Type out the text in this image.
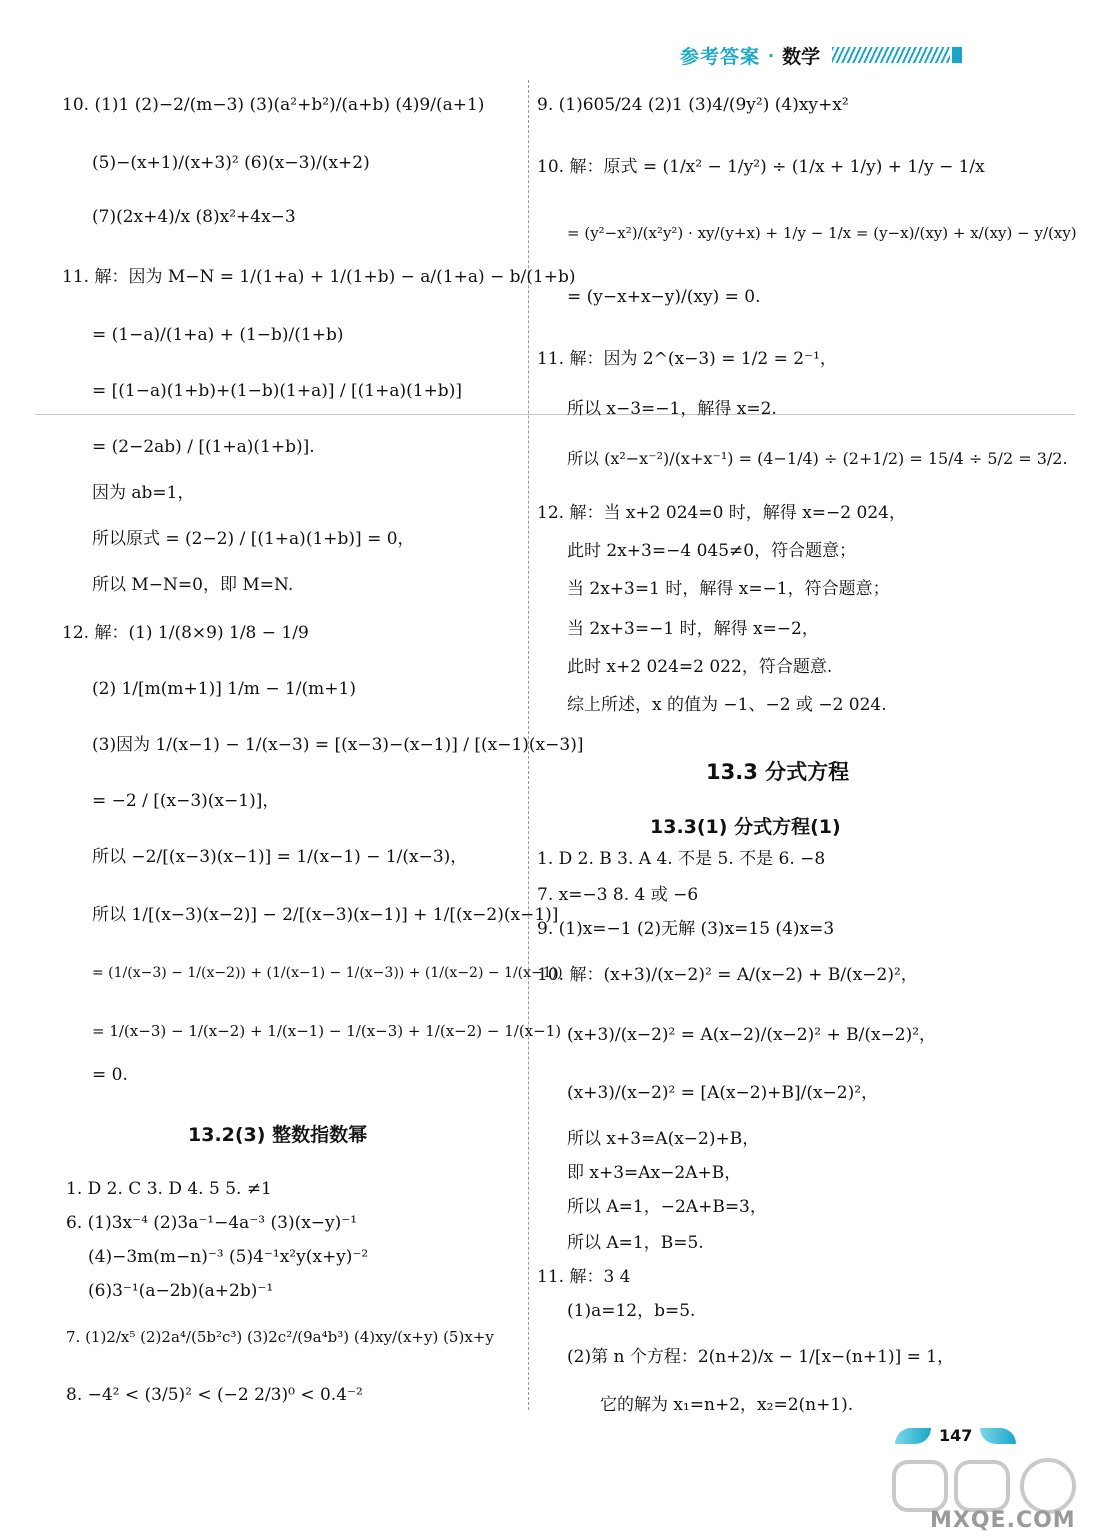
参考答案 · 数学
10. (1)1 (2)−2/(m−3) (3)(a²+b²)/(a+b) (4)9/(a+1)
(5)−(x+1)/(x+3)² (6)(x−3)/(x+2)
(7)(2x+4)/x (8)x²+4x−3
11. 解：因为 M−N = 1/(1+a) + 1/(1+b) − a/(1+a) − b/(1+b)
= (1−a)/(1+a) + (1−b)/(1+b)
= [(1−a)(1+b)+(1−b)(1+a)] / [(1+a)(1+b)]
= (2−2ab) / [(1+a)(1+b)].
因为 ab=1，
所以原式 = (2−2) / [(1+a)(1+b)] = 0，
所以 M−N=0，即 M=N.
12. 解：(1) 1/(8×9) 1/8 − 1/9
(2) 1/[m(m+1)] 1/m − 1/(m+1)
(3)因为 1/(x−1) − 1/(x−3) = [(x−3)−(x−1)] / [(x−1)(x−3)]
= −2 / [(x−3)(x−1)]，
所以 −2/[(x−3)(x−1)] = 1/(x−1) − 1/(x−3)，
所以 1/[(x−3)(x−2)] − 2/[(x−3)(x−1)] + 1/[(x−2)(x−1)]
= (1/(x−3) − 1/(x−2)) + (1/(x−1) − 1/(x−3)) + (1/(x−2) − 1/(x−1))
= 1/(x−3) − 1/(x−2) + 1/(x−1) − 1/(x−3) + 1/(x−2) − 1/(x−1)
= 0.
13.2(3) 整数指数幂
1. D 2. C 3. D 4. 5 5. ≠1
6. (1)3x⁻⁴ (2)3a⁻¹−4a⁻³ (3)(x−y)⁻¹
(4)−3m(m−n)⁻³ (5)4⁻¹x²y(x+y)⁻²
(6)3⁻¹(a−2b)(a+2b)⁻¹
7. (1)2/x⁵ (2)2a⁴/(5b²c³) (3)2c²/(9a⁴b³) (4)xy/(x+y) (5)x+y
8. −4² < (3/5)² < (−2 2/3)⁰ < 0.4⁻²
9. (1)605/24 (2)1 (3)4/(9y²) (4)xy+x²
10. 解：原式 = (1/x² − 1/y²) ÷ (1/x + 1/y) + 1/y − 1/x
= (y²−x²)/(x²y²) · xy/(y+x) + 1/y − 1/x = (y−x)/(xy) + x/(xy) − y/(xy)
= (y−x+x−y)/(xy) = 0.
11. 解：因为 2^(x−3) = 1/2 = 2⁻¹，
所以 x−3=−1，解得 x=2.
所以 (x²−x⁻²)/(x+x⁻¹) = (4−1/4) ÷ (2+1/2) = 15/4 ÷ 5/2 = 3/2.
12. 解：当 x+2 024=0 时，解得 x=−2 024，
此时 2x+3=−4 045≠0，符合题意；
当 2x+3=1 时，解得 x=−1，符合题意；
当 2x+3=−1 时，解得 x=−2，
此时 x+2 024=2 022，符合题意.
综上所述，x 的值为 −1、−2 或 −2 024.
13.3 分式方程
13.3(1) 分式方程(1)
1. D 2. B 3. A 4. 不是 5. 不是 6. −8
7. x=−3 8. 4 或 −6
9. (1)x=−1 (2)无解 (3)x=15 (4)x=3
10. 解：(x+3)/(x−2)² = A/(x−2) + B/(x−2)²，
(x+3)/(x−2)² = A(x−2)/(x−2)² + B/(x−2)²，
(x+3)/(x−2)² = [A(x−2)+B]/(x−2)²，
所以 x+3=A(x−2)+B，
即 x+3=Ax−2A+B，
所以 A=1，−2A+B=3，
所以 A=1，B=5.
11. 解：3 4
(1)a=12，b=5.
(2)第 n 个方程：2(n+2)/x − 1/[x−(n+1)] = 1，
它的解为 x₁=n+2，x₂=2(n+1).
147
MXQE.COM
